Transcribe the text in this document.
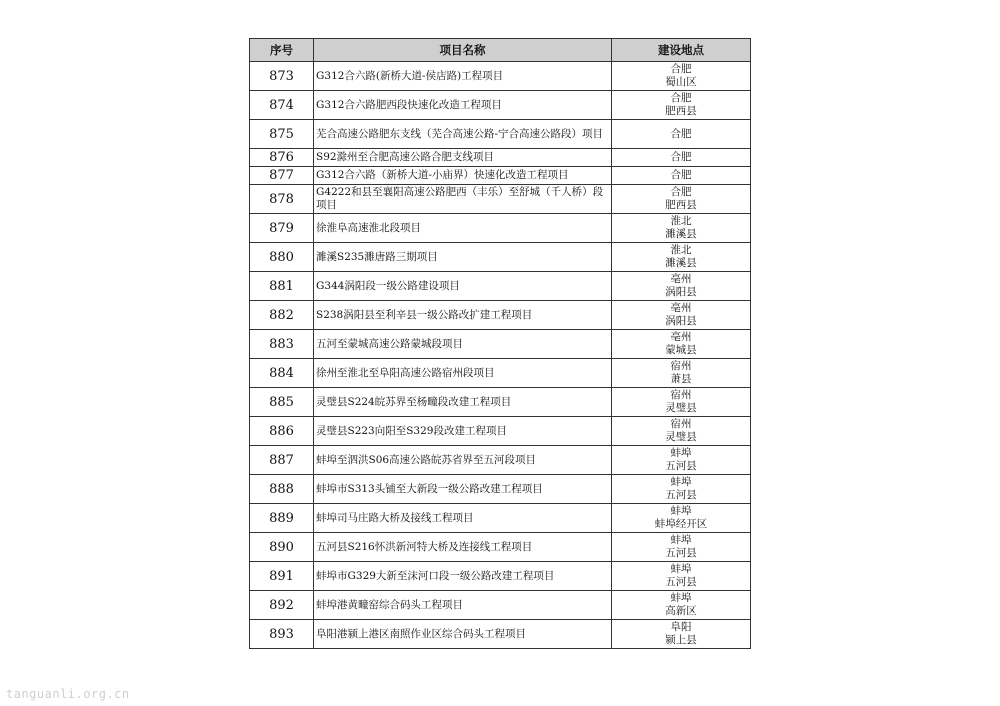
序号	项目名称	建设地点
873	G312合六路(新桥大道-侯店路)工程项目	合肥
蜀山区

874	G312合六路肥西段快速化改造工程项目	合肥
肥西县

875	芜合高速公路肥东支线（芜合高速公路-宁合高速公路段）项目	合肥

876	S92滁州至合肥高速公路合肥支线项目	合肥

877	G312合六路（新桥大道-小庙界）快速化改造工程项目	合肥

878	G4222和县至襄阳高速公路肥西（丰乐）至舒城（千人桥）段项目	合肥
肥西县

879	徐淮阜高速淮北段项目	淮北
濉溪县

880	濉溪S235濉唐路三期项目	淮北
濉溪县

881	G344涡阳段一级公路建设项目	亳州
涡阳县

882	S238涡阳县至利辛县一级公路改扩建工程项目	亳州
涡阳县

883	五河至蒙城高速公路蒙城段项目	亳州
蒙城县

884	徐州至淮北至阜阳高速公路宿州段项目	宿州
萧县

885	灵璧县S224皖苏界至杨疃段改建工程项目	宿州
灵璧县

886	灵璧县S223向阳至S329段改建工程项目	宿州
灵璧县

887	蚌埠至泗洪S06高速公路皖苏省界至五河段项目	蚌埠
五河县

888	蚌埠市S313头铺至大新段一级公路改建工程项目	蚌埠
五河县

889	蚌埠司马庄路大桥及接线工程项目	蚌埠
蚌埠经开区

890	五河县S216怀洪新河特大桥及连接线工程项目	蚌埠
五河县

891	蚌埠市G329大新至沫河口段一级公路改建工程项目	蚌埠
五河县

892	蚌埠港黄疃窑综合码头工程项目	蚌埠
高新区

893	阜阳港颍上港区南照作业区综合码头工程项目	阜阳
颍上县
tanguanli.org.cn
